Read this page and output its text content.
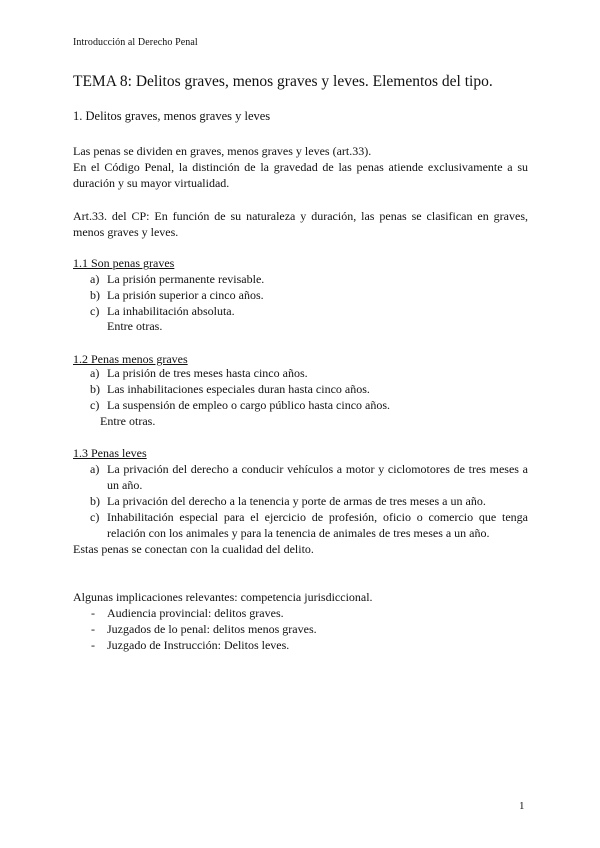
Introducción al Derecho Penal
TEMA 8: Delitos graves, menos graves y leves. Elementos del tipo.
1. Delitos graves, menos graves y leves
Las penas se dividen en graves, menos graves y leves (art.33).
En el Código Penal, la distinción de la gravedad de las penas atiende exclusivamente a su duración y su mayor virtualidad.
Art.33. del CP: En función de su naturaleza y duración, las penas se clasifican en graves, menos graves y leves.
1.1 Son penas graves
a) La prisión permanente revisable.
b) La prisión superior a cinco años.
c) La inhabilitación absoluta.
Entre otras.
1.2 Penas menos graves
a) La prisión de tres meses hasta cinco años.
b) Las inhabilitaciones especiales duran hasta cinco años.
c) La suspensión de empleo o cargo público hasta cinco años.
Entre otras.
1.3 Penas leves
a) La privación del derecho a conducir vehículos a motor y ciclomotores de tres meses a un año.
b) La privación del derecho a la tenencia y porte de armas de tres meses a un año.
c) Inhabilitación especial para el ejercicio de profesión, oficio o comercio que tenga relación con los animales y para la tenencia de animales de tres meses a un año.
Estas penas se conectan con la cualidad del delito.
Algunas implicaciones relevantes: competencia jurisdiccional.
- Audiencia provincial: delitos graves.
- Juzgados de lo penal: delitos menos graves.
- Juzgado de Instrucción: Delitos leves.
1
